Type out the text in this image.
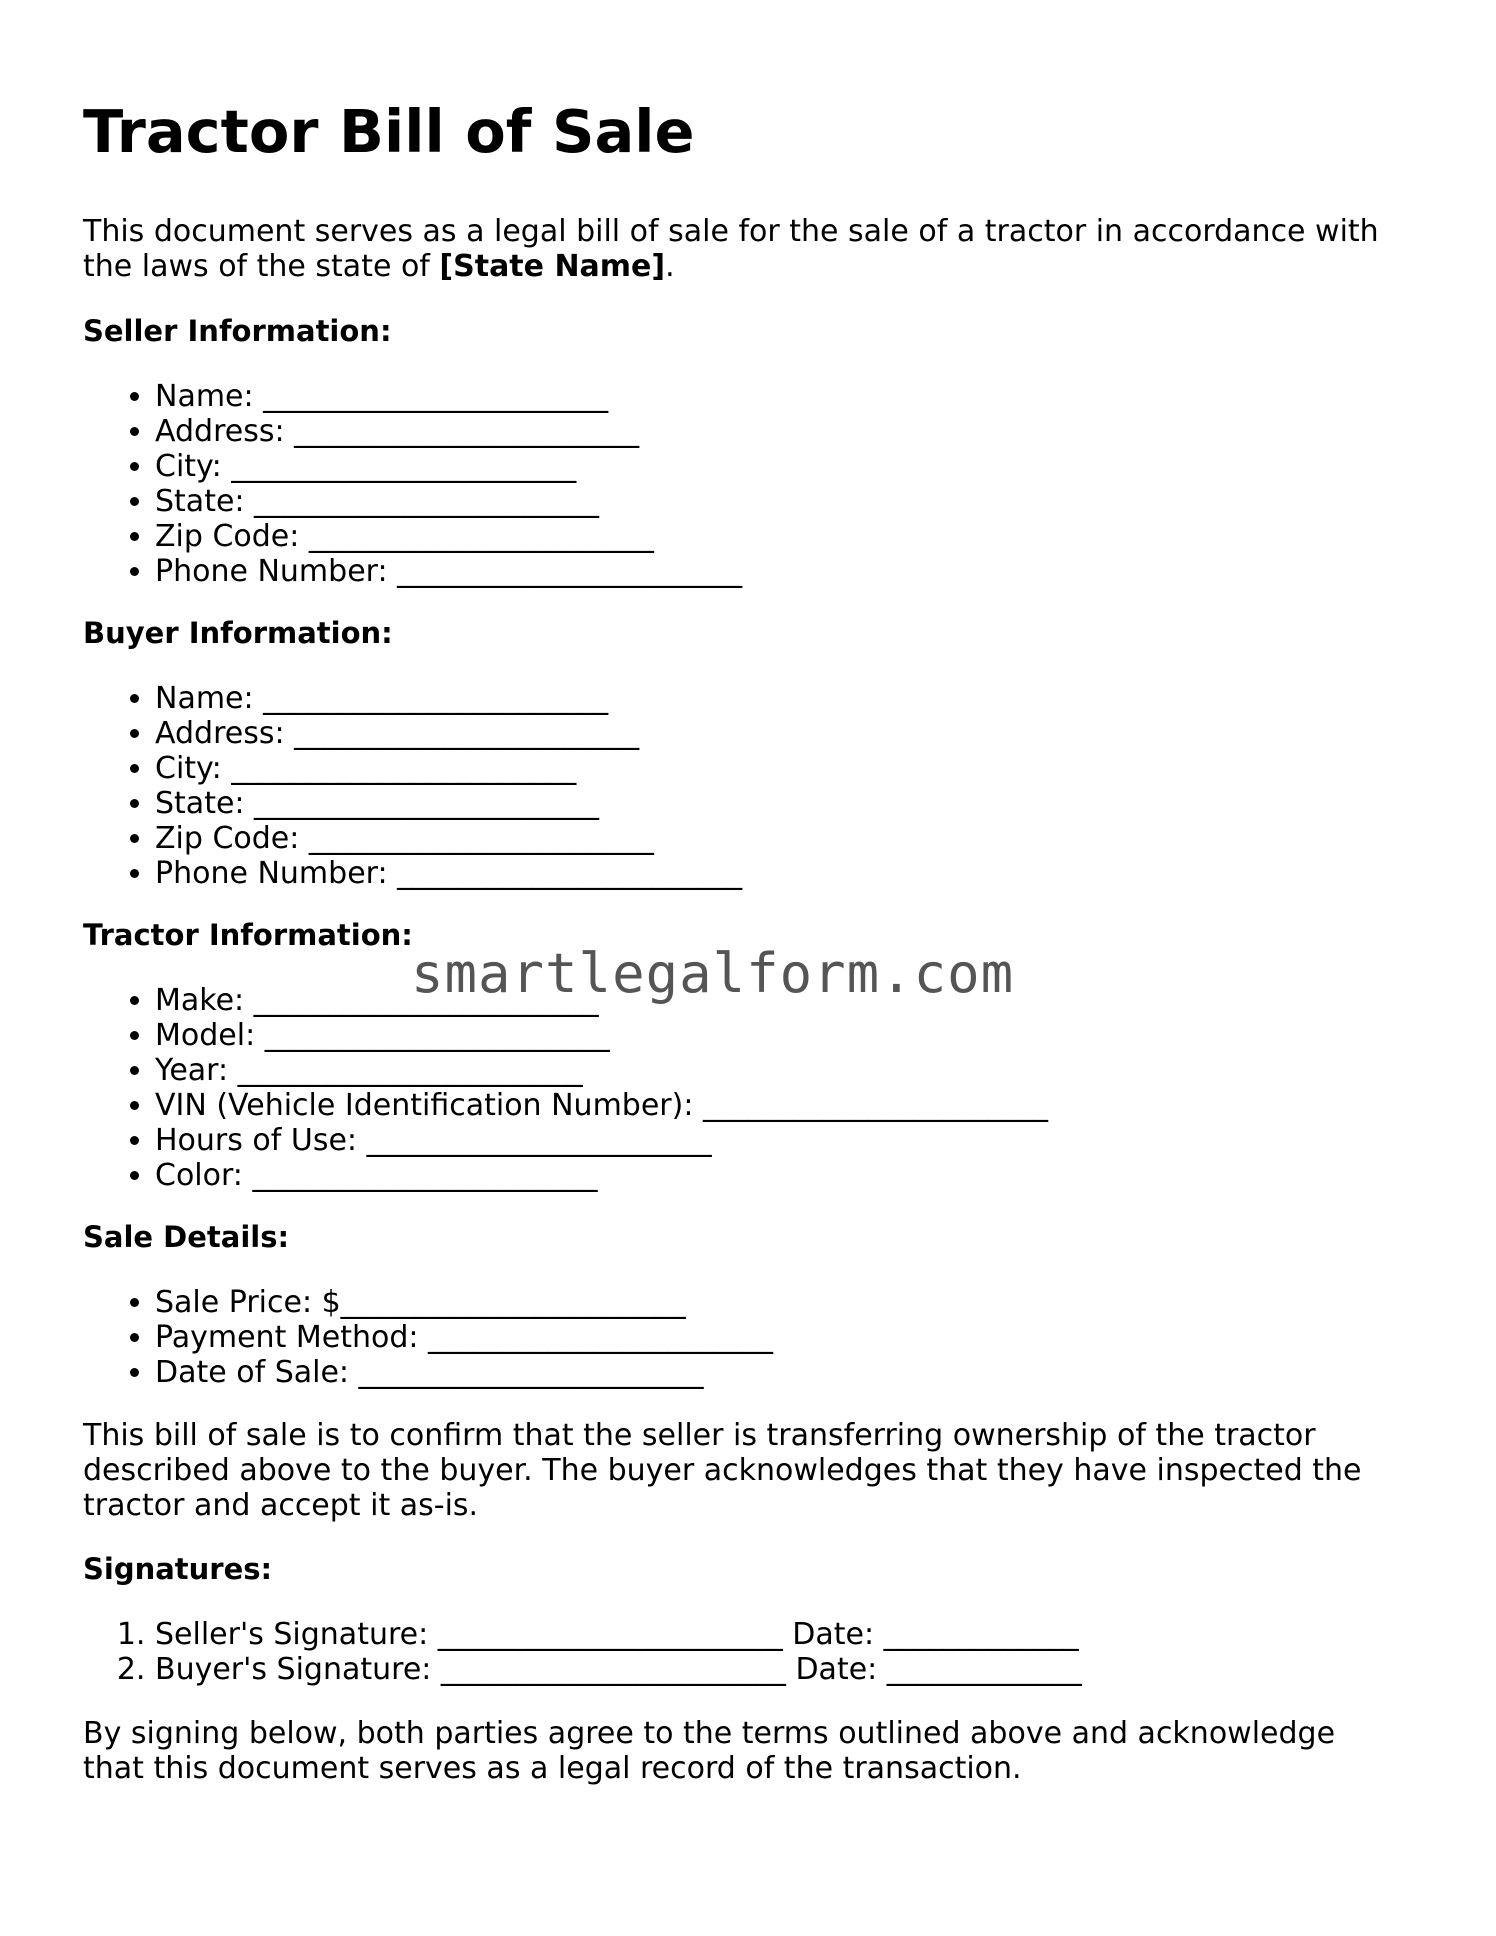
Tractor Bill of Sale
This document serves as a legal bill of sale for the sale of a tractor in accordance with the laws of the state of [State Name].
Seller Information:
• Name: _______________________
• Address: _______________________
• City: _______________________
• State: _______________________
• Zip Code: _______________________
• Phone Number: _______________________
Buyer Information:
• Name: _______________________
• Address: _______________________
• City: _______________________
• State: _______________________
• Zip Code: _______________________
• Phone Number: _______________________
Tractor Information:
• Make: _______________________
• Model: _______________________
• Year: _______________________
• VIN (Vehicle Identification Number): _______________________
• Hours of Use: _______________________
• Color: _______________________
smartlegalform.com
Sale Details:
• Sale Price: $_______________________
• Payment Method: _______________________
• Date of Sale: _______________________
This bill of sale is to confirm that the seller is transferring ownership of the tractor described above to the buyer. The buyer acknowledges that they have inspected the tractor and accept it as-is.
Signatures:
1. Seller's Signature: _______________________ Date: _____________
2. Buyer's Signature: _______________________ Date: _____________
By signing below, both parties agree to the terms outlined above and acknowledge that this document serves as a legal record of the transaction.
